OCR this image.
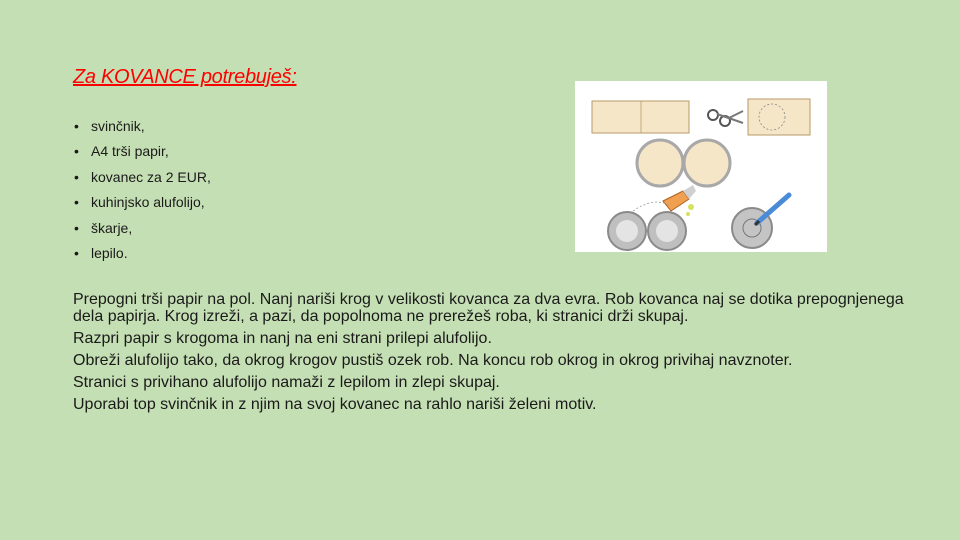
Za KOVANCE potrebuješ:
• svinčnik,
• A4 trši papir,
• kovanec za 2 EUR,
• kuhinjsko alufolijo,
• škarje,
• lepilo.

Prepogni trši papir na pol. Nanj nariši krog v velikosti kovanca za dva evra. Rob kovanca naj se dotika prepognjenega dela papirja. Krog izreži, a pazi, da popolnoma ne prerežeš roba, ki stranici drži skupaj.

Razpri papir s krogoma in nanj na eni strani prilepi alufolijo.

Obreži alufolijo tako, da okrog krogov pustiš ozek rob. Na koncu rob okrog in okrog privihaj navznoter.

Stranici s privihano alufolijo namaži z lepilom in zlepi skupaj.

Uporabi top svinčnik in z njim na svoj kovanec na rahlo nariši želeni motiv.
